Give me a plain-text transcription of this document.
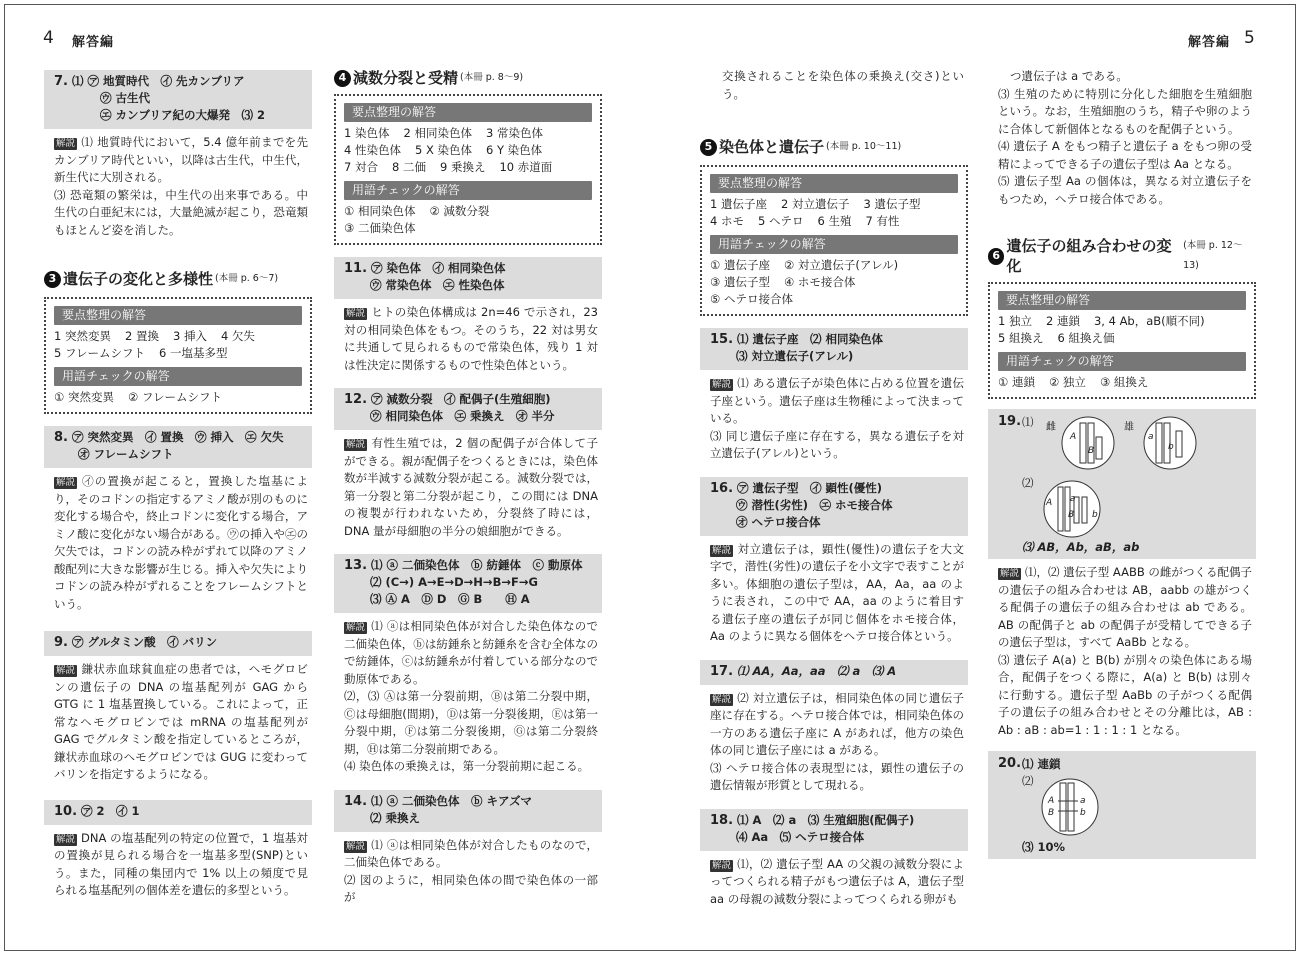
4 解答編	解答編 5
7. ⑴ ㋐ 地質時代　㋑ 先カンブリア
㋒ 古生代
㋓ カンブリア紀の大爆発　⑶ 2
解説 ⑴ 地質時代において，5.4 億年前までを先カンブリア時代といい，以降は古生代，中生代，新生代に大別される。
⑶ 恐竜類の繁栄は，中生代の出来事である。中生代の白亜紀末には，大量絶滅が起こり，恐竜類もほとんど姿を消した。
3 遺伝子の変化と多様性 (本冊 p. 6〜7)
要点整理の解答
1 突然変異 2 置換 3 挿入 4 欠失
5 フレームシフト 6 一塩基多型
用語チェックの解答
① 突然変異 ② フレームシフト
8. ㋐ 突然変異　㋑ 置換　㋒ 挿入　㋓ 欠失
㋔ フレームシフト
解説 ㋑の置換が起こると，置換した塩基により，そのコドンの指定するアミノ酸が別のものに変化する場合や，終止コドンに変化する場合，アミノ酸に変化がない場合がある。㋒の挿入や㋓の欠失では，コドンの読み枠がずれて以降のアミノ酸配列に大きな影響が生じる。挿入や欠失によりコドンの読み枠がずれることをフレームシフトという。
9. ㋐ グルタミン酸　㋑ バリン
解説 鎌状赤血球貧血症の患者では，ヘモグロビンの遺伝子の DNA の塩基配列が GAG から GTG に 1 塩基置換している。これによって，正常なヘモグロビンでは mRNA の塩基配列が GAG でグルタミン酸を指定しているところが，鎌状赤血球のヘモグロビンでは GUG に変わってバリンを指定するようになる。
10. ㋐ 2　㋑ 1
解説 DNA の塩基配列の特定の位置で，1 塩基対の置換が見られる場合を一塩基多型(SNP)という。また，同種の集団内で 1% 以上の頻度で見られる塩基配列の個体差を遺伝的多型という。
4 減数分裂と受精 (本冊 p. 8〜9)
要点整理の解答
1 染色体 2 相同染色体 3 常染色体
4 性染色体 5 X 染色体 6 Y 染色体
7 対合 8 二価 9 乗換え 10 赤道面
用語チェックの解答
① 相同染色体 ② 減数分裂
③ 二価染色体
11. ㋐ 染色体　㋑ 相同染色体
㋒ 常染色体　㋓ 性染色体
解説 ヒトの染色体構成は 2n=46 で示され，23 対の相同染色体をもつ。そのうち，22 対は男女に共通して見られるもので常染色体，残り 1 対は性決定に関係するもので性染色体という。
12. ㋐ 減数分裂　㋑ 配偶子(生殖細胞)
㋒ 相同染色体　㋓ 乗換え　㋔ 半分
解説 有性生殖では，2 個の配偶子が合体して子ができる。親が配偶子をつくるときには，染色体数が半減する減数分裂が起こる。減数分裂では，第一分裂と第二分裂が起こり，この間には DNA の複製が行われないため，分裂終了時には，DNA 量が母細胞の半分の娘細胞ができる。
13. ⑴ ⓐ 二価染色体　ⓑ 紡錘体　ⓒ 動原体
⑵ (C→) A→E→D→H→B→F→G
⑶ Ⓐ A　Ⓓ D　Ⓖ B　　Ⓗ A
解説 ⑴ ⓐは相同染色体が対合した染色体なので二価染色体，ⓑは紡錘糸と紡錘糸を含む全体なので紡錘体，ⓒは紡錘糸が付着している部分なので動原体である。
⑵，⑶ Ⓐは第一分裂前期，Ⓑは第二分裂中期，Ⓒは母細胞(間期)，Ⓓは第一分裂後期，Ⓔは第一分裂中期，Ⓕは第二分裂後期，Ⓖは第二分裂終期，Ⓗは第二分裂前期である。
⑷ 染色体の乗換えは，第一分裂前期に起こる。
14. ⑴ ⓐ 二価染色体　ⓑ キアズマ
⑵ 乗換え
解説 ⑴ ⓐは相同染色体が対合したものなので，二価染色体である。
⑵ 図のように，相同染色体の間で染色体の一部が
交換されることを染色体の乗換え(交さ)という。
5 染色体と遺伝子 (本冊 p. 10〜11)
要点整理の解答
1 遺伝子座 2 対立遺伝子 3 遺伝子型
4 ホモ 5 ヘテロ 6 生殖 7 有性
用語チェックの解答
① 遺伝子座 ② 対立遺伝子(アレル)
③ 遺伝子型 ④ ホモ接合体
⑤ ヘテロ接合体
15. ⑴ 遺伝子座　⑵ 相同染色体
⑶ 対立遺伝子(アレル)
解説 ⑴ ある遺伝子が染色体に占める位置を遺伝子座という。遺伝子座は生物種によって決まっている。
⑶ 同じ遺伝子座に存在する，異なる遺伝子を対立遺伝子(アレル)という。
16. ㋐ 遺伝子型　㋑ 顕性(優性)
㋒ 潜性(劣性)　㋓ ホモ接合体
㋔ ヘテロ接合体
解説 対立遺伝子は，顕性(優性)の遺伝子を大文字で，潜性(劣性)の遺伝子を小文字で表すことが多い。体細胞の遺伝子型は，AA，Aa，aa のように表され，この中で AA，aa のように着目する遺伝子座の遺伝子が同じ個体をホモ接合体，Aa のように異なる個体をヘテロ接合体という。
17. ⑴ AA，Aa，aa　⑵ a　⑶ A
解説 ⑵ 対立遺伝子は，相同染色体の同じ遺伝子座に存在する。ヘテロ接合体では，相同染色体の一方のある遺伝子座に A があれば，他方の染色体の同じ遺伝子座には a がある。
⑶ ヘテロ接合体の表現型には，顕性の遺伝子の遺伝情報が形質として現れる。
18. ⑴ A　⑵ a　⑶ 生殖細胞(配偶子)
⑷ Aa　⑸ ヘテロ接合体
解説 ⑴，⑵ 遺伝子型 AA の父親の減数分裂によってつくられる精子がもつ遺伝子は A，遺伝子型 aa の母親の減数分裂によってつくられる卵がも
つ遺伝子は a である。
⑶ 生殖のために特別に分化した細胞を生殖細胞という。なお，生殖細胞のうち，精子や卵のように合体して新個体となるものを配偶子という。
⑷ 遺伝子 A をもつ精子と遺伝子 a をもつ卵の受精によってできる子の遺伝子型は Aa となる。
⑸ 遺伝子型 Aa の個体は，異なる対立遺伝子をもつため，ヘテロ接合体である。
6
遺伝子の組み合わせの変化
(本冊 p. 12〜13)
要点整理の解答
1 独立 2 連鎖 3, 4 Ab，aB(順不同)
5 組換え 6 組換え価
用語チェックの解答
① 連鎖 ② 独立 ③ 組換え
19. ⑴ 雌	雄
A
B
a
b
⑵
A a
B b
⑶ AB，Ab，aB，ab
解説 ⑴，⑵ 遺伝子型 AABB の雌がつくる配偶子の遺伝子の組み合わせは AB，aabb の雄がつくる配偶子の遺伝子の組み合わせは ab である。AB の配偶子と ab の配偶子が受精してできる子の遺伝子型は，すべて AaBb となる。
⑶ 遺伝子 A(a) と B(b) が別々の染色体にある場合，配偶子をつくる際に，A(a) と B(b) は別々に行動する。遺伝子型 AaBb の子がつくる配偶子の遺伝子の組み合わせとその分離比は，AB : Ab : aB : ab=1 : 1 : 1 : 1 となる。
20. ⑴ 連鎖
⑵
A
B
a
b
⑶ 10%
